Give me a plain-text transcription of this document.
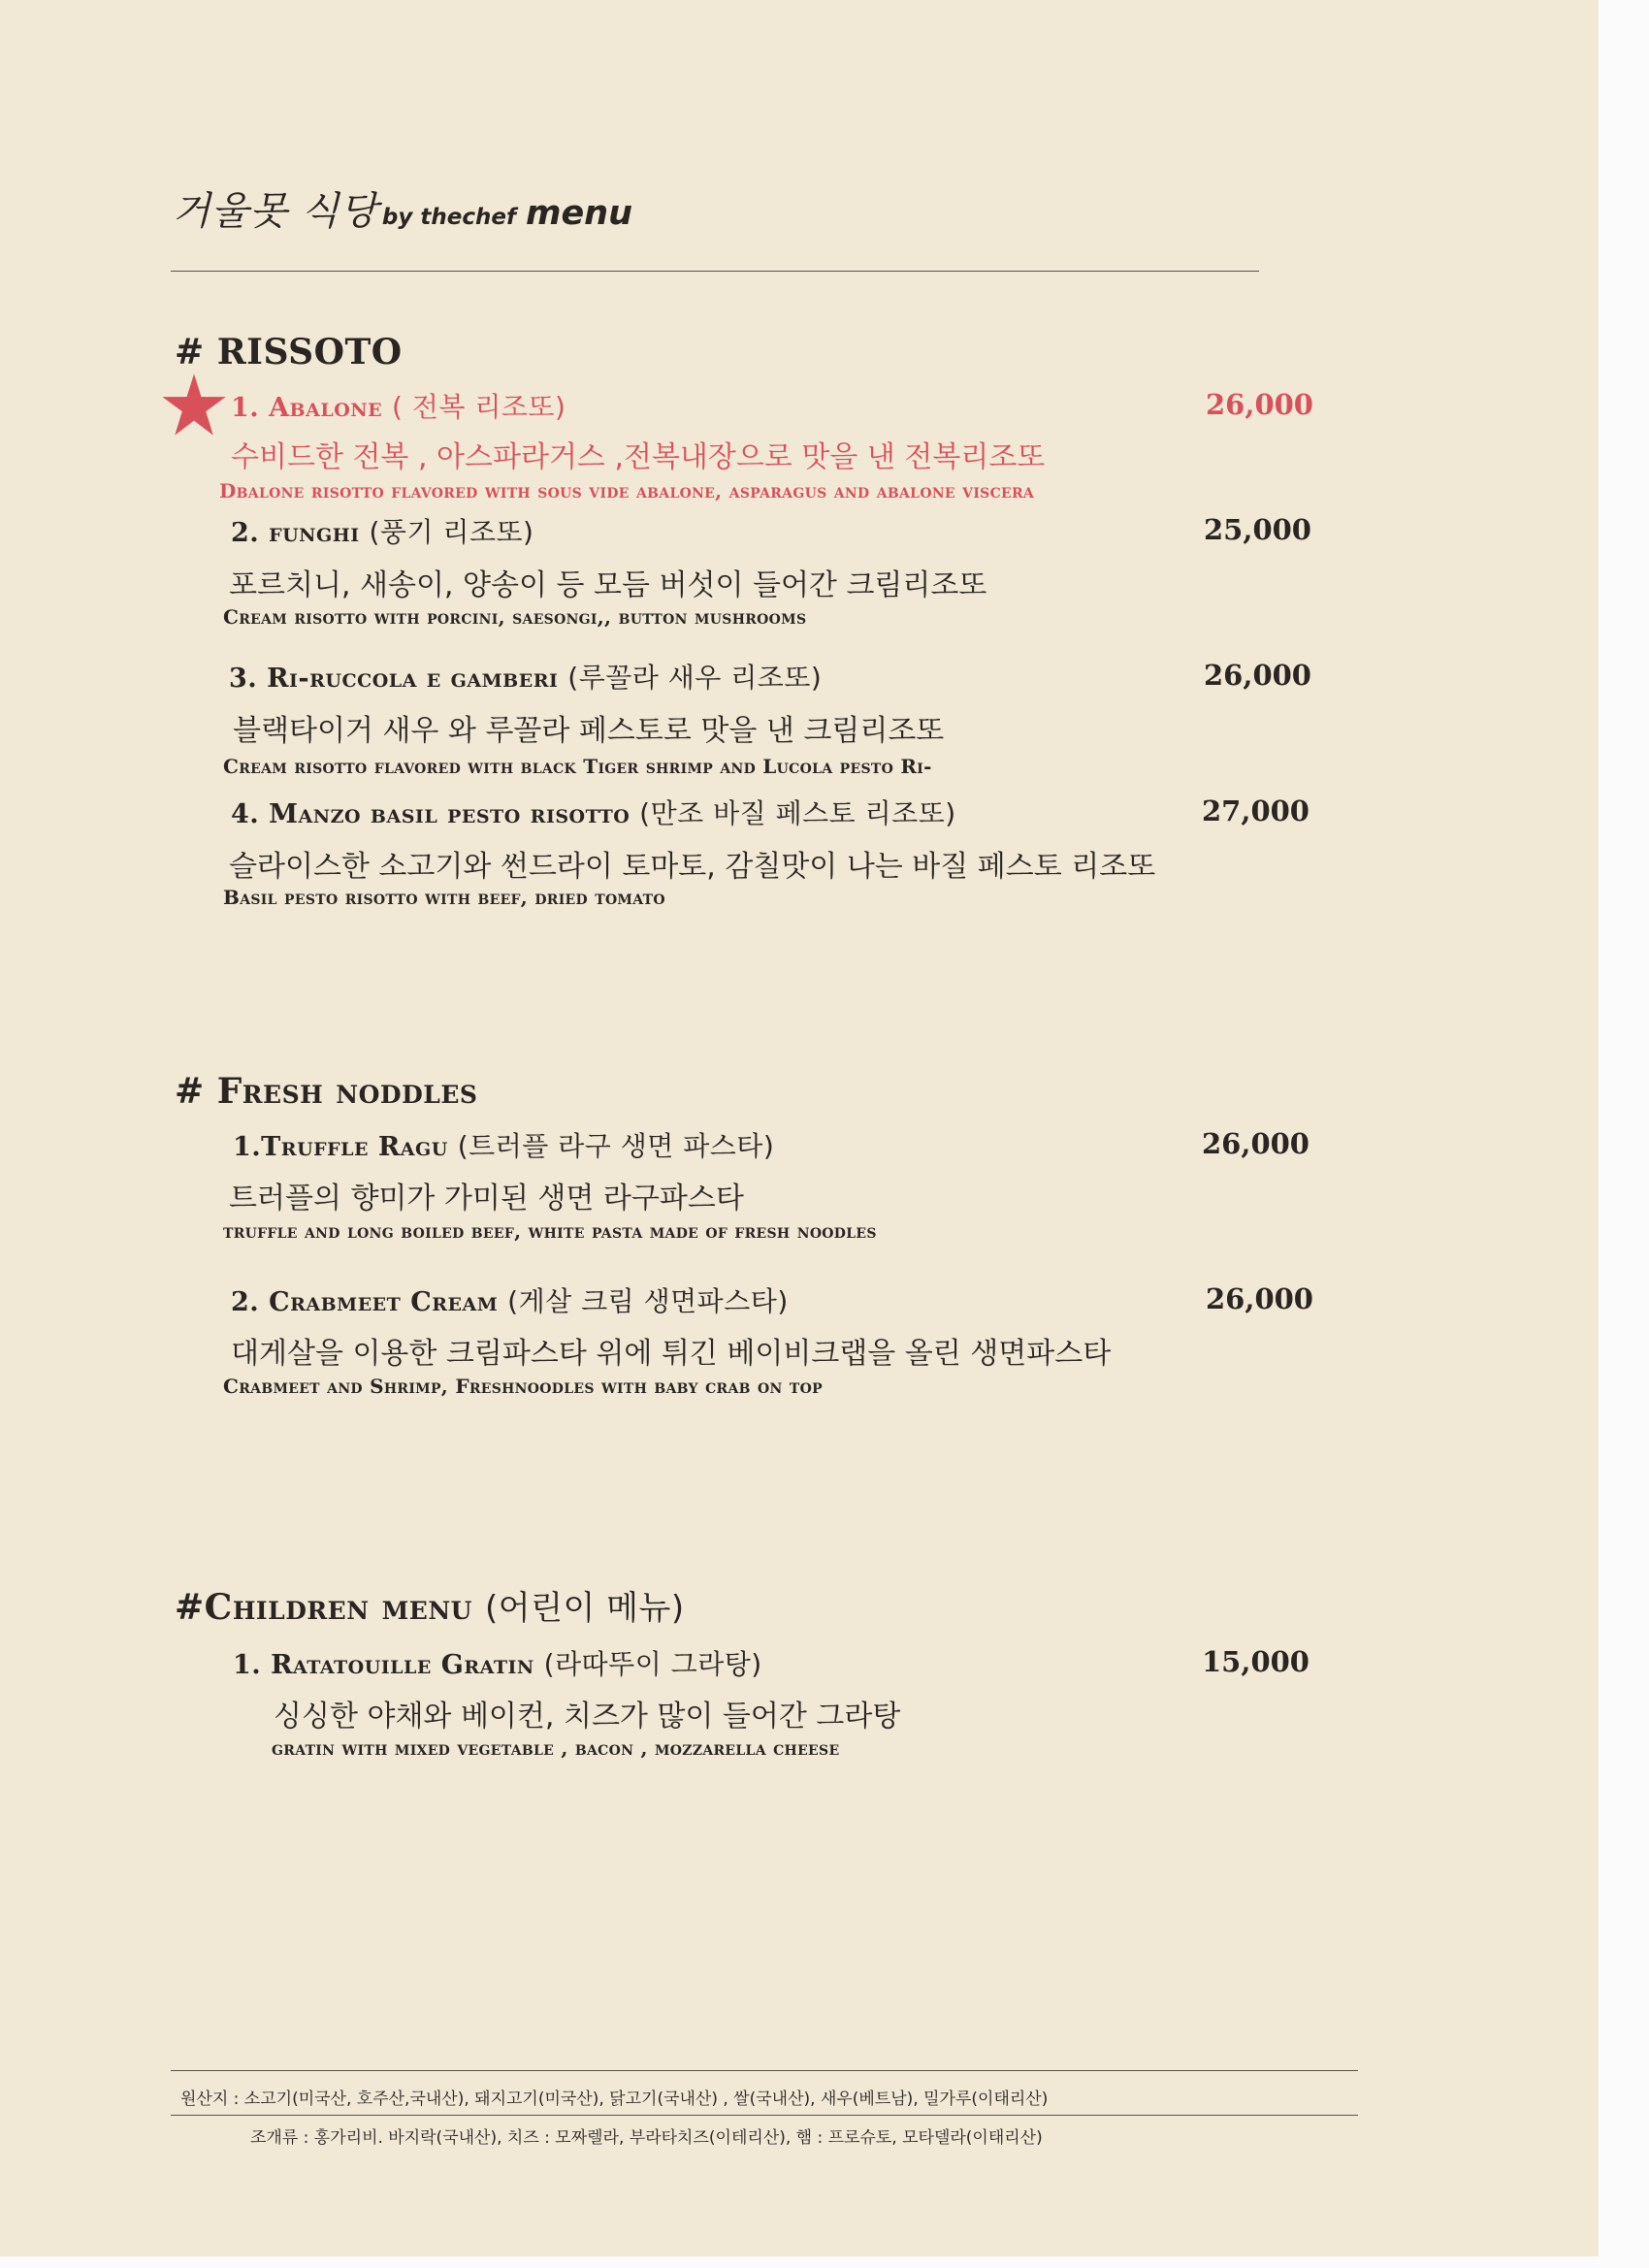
거울못 식당 by thechef menu
# RISSOTO
1. Abalone ( 전복 리조또)	26,000
수비드한 전복 , 아스파라거스 ,전복내장으로 맛을 낸 전복리조또
Dbalone risotto flavored with sous vide abalone, asparagus and abalone viscera
2. funghi (풍기 리조또)	25,000
포르치니, 새송이, 양송이 등 모듬 버섯이 들어간 크림리조또
Cream risotto with porcini, saesongi,, button mushrooms
3. Ri-ruccola e gamberi (루꼴라 새우 리조또)	26,000
블랙타이거 새우 와 루꼴라 페스토로 맛을 낸 크림리조또
Cream risotto flavored with black Tiger shrimp and Lucola pesto Ri-
4. Manzo basil pesto risotto (만조 바질 페스토 리조또)	27,000
슬라이스한 소고기와 썬드라이 토마토, 감칠맛이 나는 바질 페스토 리조또
Basil pesto risotto with beef, dried tomato
# Fresh noddles
1.Truffle Ragu (트러플 라구 생면 파스타)	26,000
트러플의 향미가 가미된 생면 라구파스타
truffle and long boiled beef, white pasta made of fresh noodles
2. Crabmeet Cream (게살 크림 생면파스타)	26,000
대게살을 이용한 크림파스타 위에 튀긴 베이비크랩을 올린 생면파스타
Crabmeet and Shrimp, Freshnoodles with baby crab on top
#Children menu (어린이 메뉴)
1. Ratatouille Gratin (라따뚜이 그라탕)	15,000
싱싱한 야채와 베이컨, 치즈가 많이 들어간 그라탕
gratin with mixed vegetable , bacon , mozzarella cheese
원산지 : 소고기(미국산, 호주산,국내산), 돼지고기(미국산), 닭고기(국내산) , 쌀(국내산), 새우(베트남), 밀가루(이태리산)
조개류 : 홍가리비. 바지락(국내산), 치즈 : 모짜렐라, 부라타치즈(이테리산), 햄 : 프로슈토, 모타델라(이태리산)
